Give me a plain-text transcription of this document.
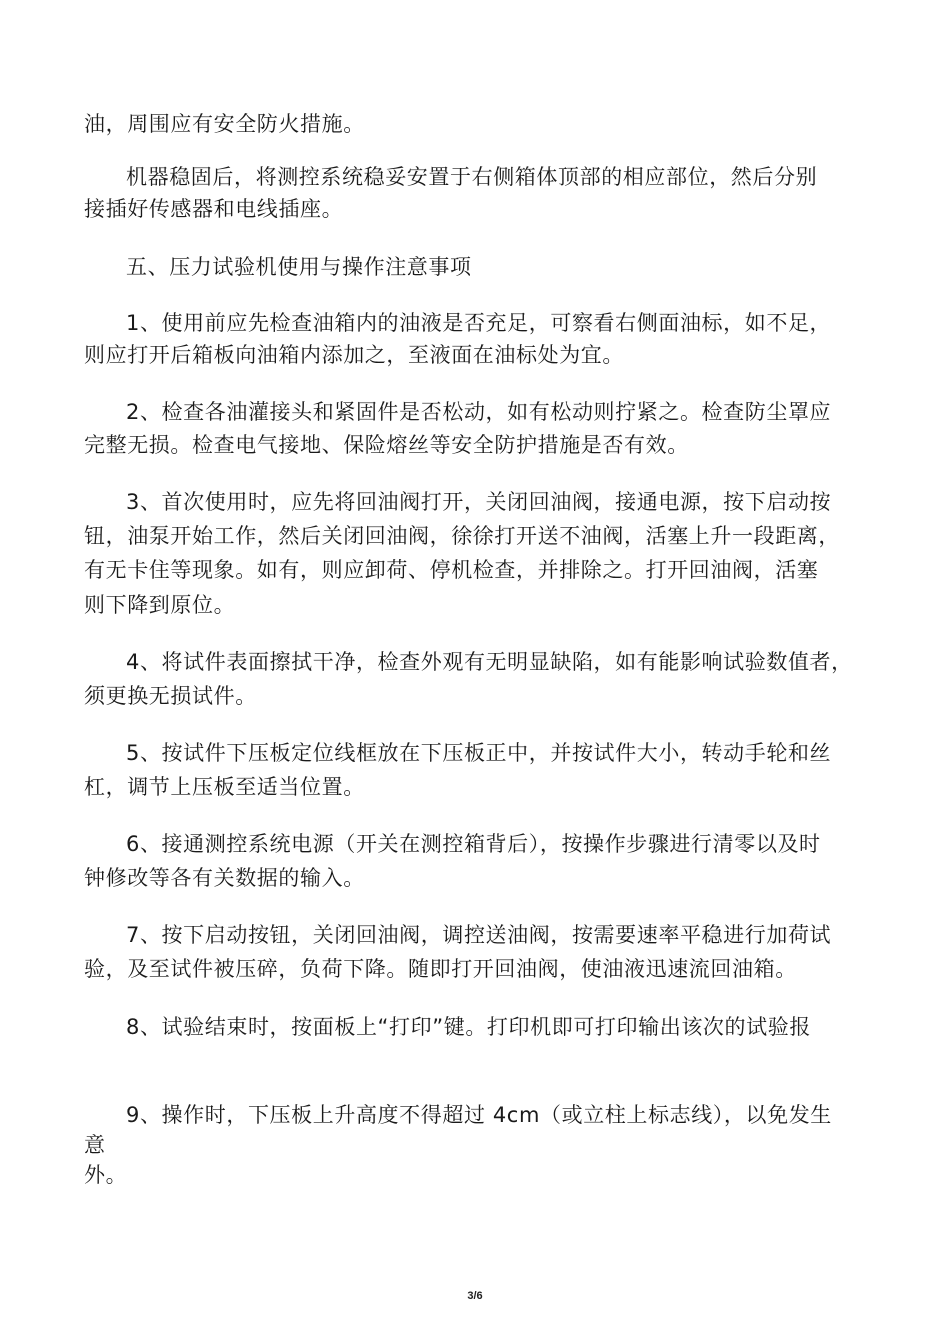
油，周围应有安全防火措施。
机器稳固后，将测控系统稳妥安置于右侧箱体顶部的相应部位，然后分别
接插好传感器和电线插座。
五、压力试验机使用与操作注意事项
1、使用前应先检查油箱内的油液是否充足，可察看右侧面油标，如不足，
则应打开后箱板向油箱内添加之，至液面在油标处为宜。
2、检查各油灌接头和紧固件是否松动，如有松动则拧紧之。检查防尘罩应
完整无损。检查电气接地、保险熔丝等安全防护措施是否有效。
3、首次使用时，应先将回油阀打开，关闭回油阀，接通电源，按下启动按
钮，油泵开始工作，然后关闭回油阀，徐徐打开送不油阀，活塞上升一段距离，
有无卡住等现象。如有，则应卸荷、停机检查，并排除之。打开回油阀，活塞
则下降到原位。
4、将试件表面擦拭干净，检查外观有无明显缺陷，如有能影响试验数值者，
须更换无损试件。
5、按试件下压板定位线框放在下压板正中，并按试件大小，转动手轮和丝
杠，调节上压板至适当位置。
6、接通测控系统电源（开关在测控箱背后），按操作步骤进行清零以及时
钟修改等各有关数据的输入。
7、按下启动按钮，关闭回油阀，调控送油阀，按需要速率平稳进行加荷试
验，及至试件被压碎，负荷下降。随即打开回油阀，使油液迅速流回油箱。
8、试验结束时，按面板上“打印”键。打印机即可打印输出该次的试验报
9、操作时，下压板上升高度不得超过 4cm（或立柱上标志线），以免发生
意
外。
3/6
